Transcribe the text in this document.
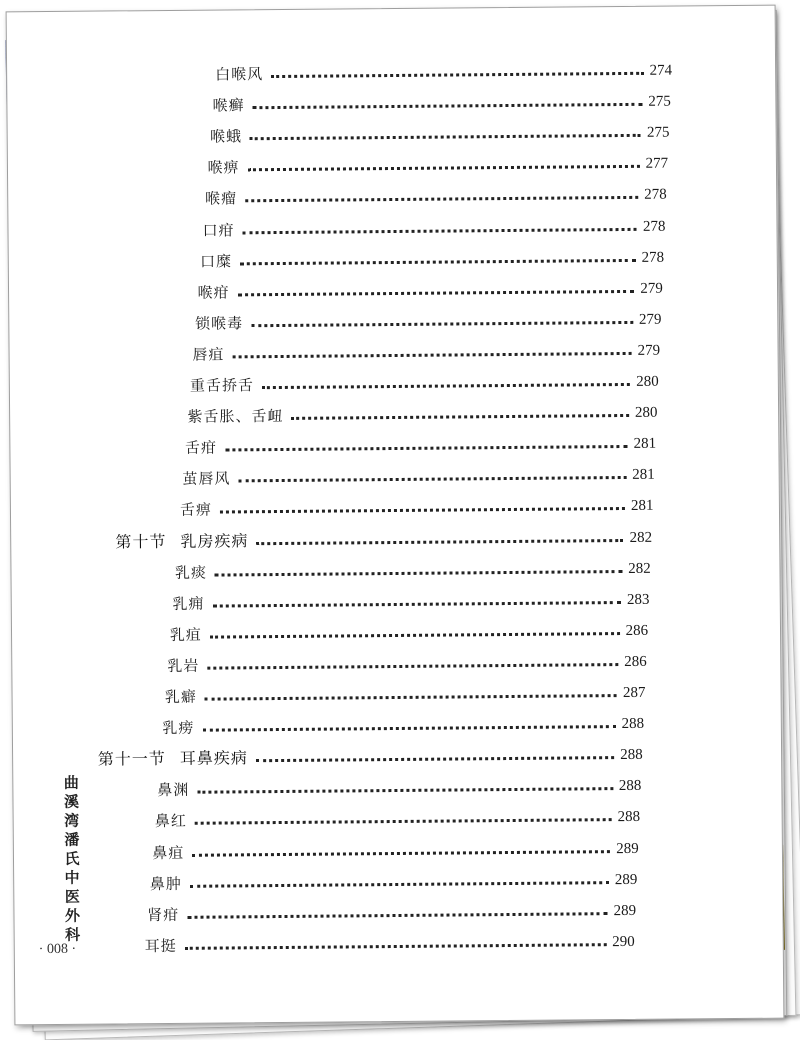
白喉风	274
喉癣	275
喉蛾	275
喉痹	277
喉瘤	278
口疳	278
口糜	278
喉疳	279
锁喉毒	279
唇疽	279
重舌挢舌	280
紫舌胀、舌衄	280
舌疳	281
茧唇风	281
舌痹	281
第十节 乳房疾病	282
乳痰	282
乳痈	283
乳疽	286
乳岩	286
乳癖	287
乳痨	288
第十一节 耳鼻疾病	288
鼻渊	288
鼻红	288
鼻疽	289
鼻肿	289
肾疳	289
耳挺	290
曲溪湾潘氏中医外科
· 008 ·
